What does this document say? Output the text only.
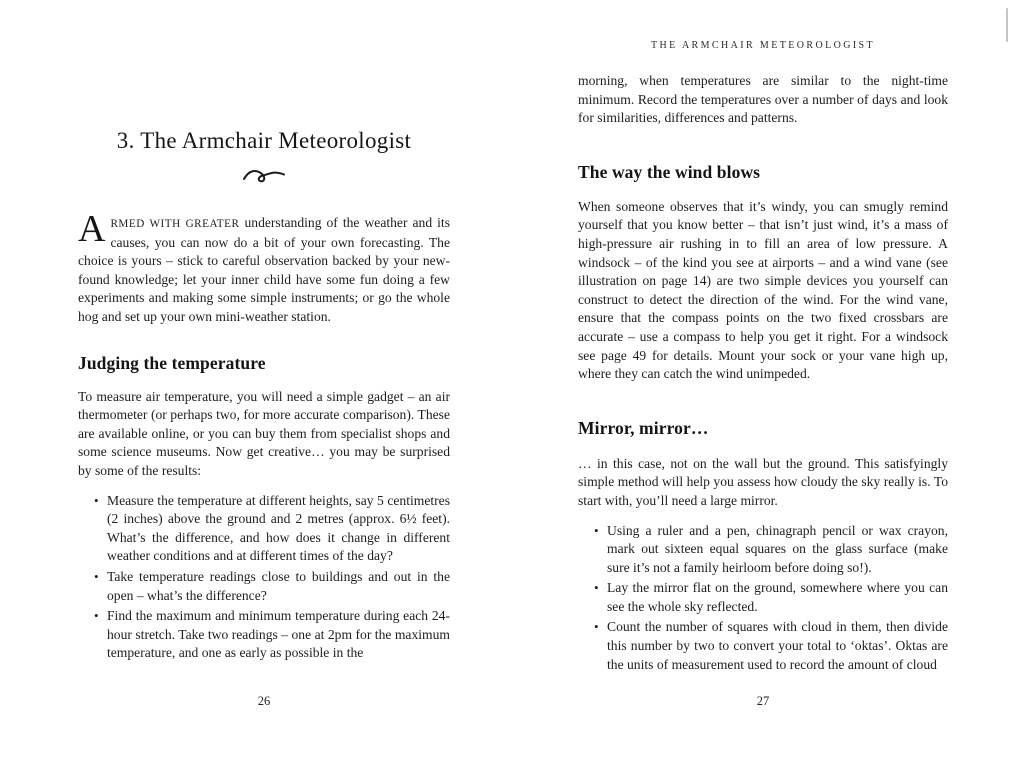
3. The Armchair Meteorologist

ARMED WITH GREATER understanding of the weather and its causes, you can now do a bit of your own forecasting. The choice is yours – stick to careful observation backed by your new-found knowledge; let your inner child have some fun doing a few experiments and making some simple instruments; or go the whole hog and set up your own mini-weather station.

Judging the temperature

To measure air temperature, you will need a simple gadget – an air thermometer (or perhaps two, for more accurate comparison). These are available online, or you can buy them from specialist shops and some science museums. Now get creative… you may be surprised by some of the results:

• Measure the temperature at different heights, say 5 centimetres (2 inches) above the ground and 2 metres (approx. 6½ feet). What’s the difference, and how does it change in different weather conditions and at different times of the day?
• Take temperature readings close to buildings and out in the open – what’s the difference?
• Find the maximum and minimum temperature during each 24-hour stretch. Take two readings – one at 2pm for the maximum temperature, and one as early as possible in the
26
THE ARMCHAIR METEOROLOGIST

morning, when temperatures are similar to the night-time minimum. Record the temperatures over a number of days and look for similarities, differences and patterns.

The way the wind blows

When someone observes that it’s windy, you can smugly remind yourself that you know better – that isn’t just wind, it’s a mass of high-pressure air rushing in to fill an area of low pressure. A windsock – of the kind you see at airports – and a wind vane (see illustration on page 14) are two simple devices you yourself can construct to detect the direction of the wind. For the wind vane, ensure that the compass points on the two fixed crossbars are accurate – use a compass to help you get it right. For a windsock see page 49 for details. Mount your sock or your vane high up, where they can catch the wind unimpeded.

Mirror, mirror…

… in this case, not on the wall but the ground. This satisfyingly simple method will help you assess how cloudy the sky really is. To start with, you’ll need a large mirror.

• Using a ruler and a pen, chinagraph pencil or wax crayon, mark out sixteen equal squares on the glass surface (make sure it’s not a family heirloom before doing so!).
• Lay the mirror flat on the ground, somewhere where you can see the whole sky reflected.
• Count the number of squares with cloud in them, then divide this number by two to convert your total to ‘oktas’. Oktas are the units of measurement used to record the amount of cloud
27
